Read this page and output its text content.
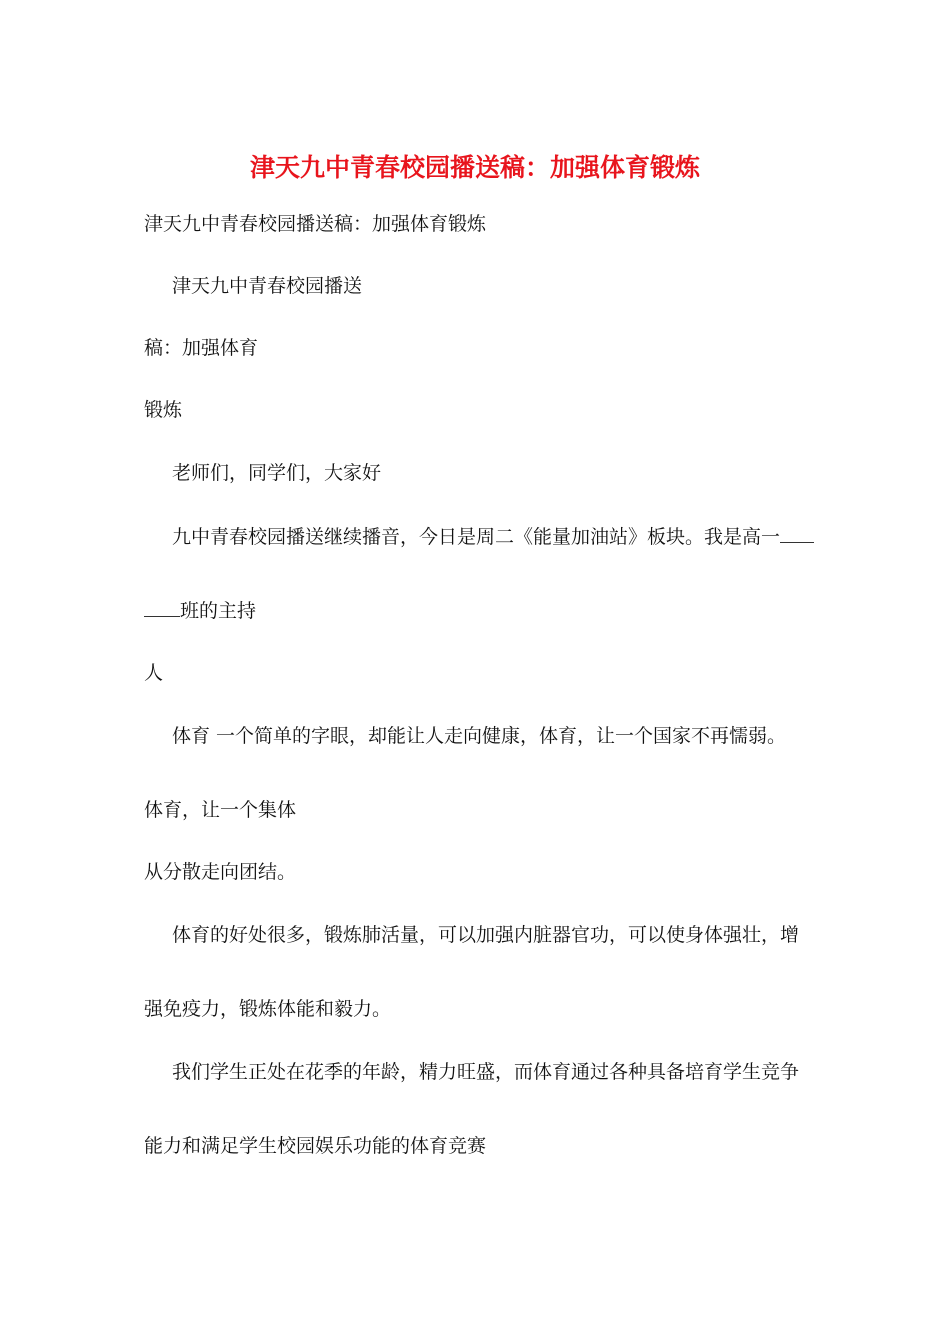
津天九中青春校园播送稿：加强体育锻炼
津天九中青春校园播送稿：加强体育锻炼
津天九中青春校园播送
稿：加强体育
锻炼
老师们，同学们，大家好
九中青春校园播送继续播音，今日是周二《能量加油站》板块。我是高一
班的主持
人
体育 一个简单的字眼，却能让人走向健康，体育，让一个国家不再懦弱。
体育，让一个集体
从分散走向团结。
体育的好处很多，锻炼肺活量，可以加强内脏器官功，可以使身体强壮，增
强免疫力，锻炼体能和毅力。
我们学生正处在花季的年龄，精力旺盛，而体育通过各种具备培育学生竞争
能力和满足学生校园娱乐功能的体育竞赛
